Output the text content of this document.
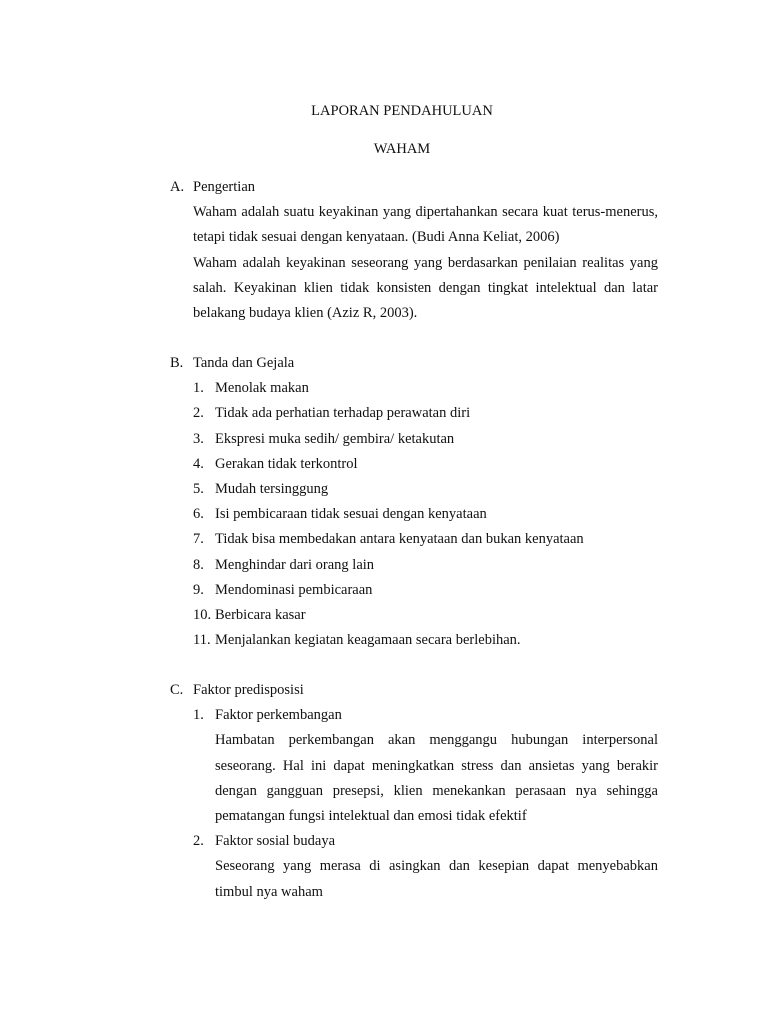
LAPORAN PENDAHULUAN
WAHAM
A. Pengertian

Waham adalah suatu keyakinan yang dipertahankan secara kuat terus-menerus, tetapi tidak sesuai dengan kenyataan. (Budi Anna Keliat, 2006)

Waham adalah keyakinan seseorang yang berdasarkan penilaian realitas yang salah. Keyakinan klien tidak konsisten dengan tingkat intelektual dan latar belakang budaya klien (Aziz R, 2003).

B. Tanda dan Gejala
1. Menolak makan
2. Tidak ada perhatian terhadap perawatan diri
3. Ekspresi muka sedih/ gembira/ ketakutan
4. Gerakan tidak terkontrol
5. Mudah tersinggung
6. Isi pembicaraan tidak sesuai dengan kenyataan
7. Tidak bisa membedakan antara kenyataan dan bukan kenyataan
8. Menghindar dari orang lain
9. Mendominasi pembicaraan
10. Berbicara kasar
11. Menjalankan kegiatan keagamaan secara berlebihan.
C. Faktor predisposisi
1. Faktor perkembangan

Hambatan perkembangan akan menggangu hubungan interpersonal seseorang. Hal ini dapat meningkatkan stress dan ansietas yang berakir dengan gangguan presepsi, klien menekankan perasaan nya sehingga pematangan fungsi intelektual dan emosi tidak efektif

2. Faktor sosial budaya

Seseorang yang merasa di asingkan dan kesepian dapat menyebabkan timbul nya waham
